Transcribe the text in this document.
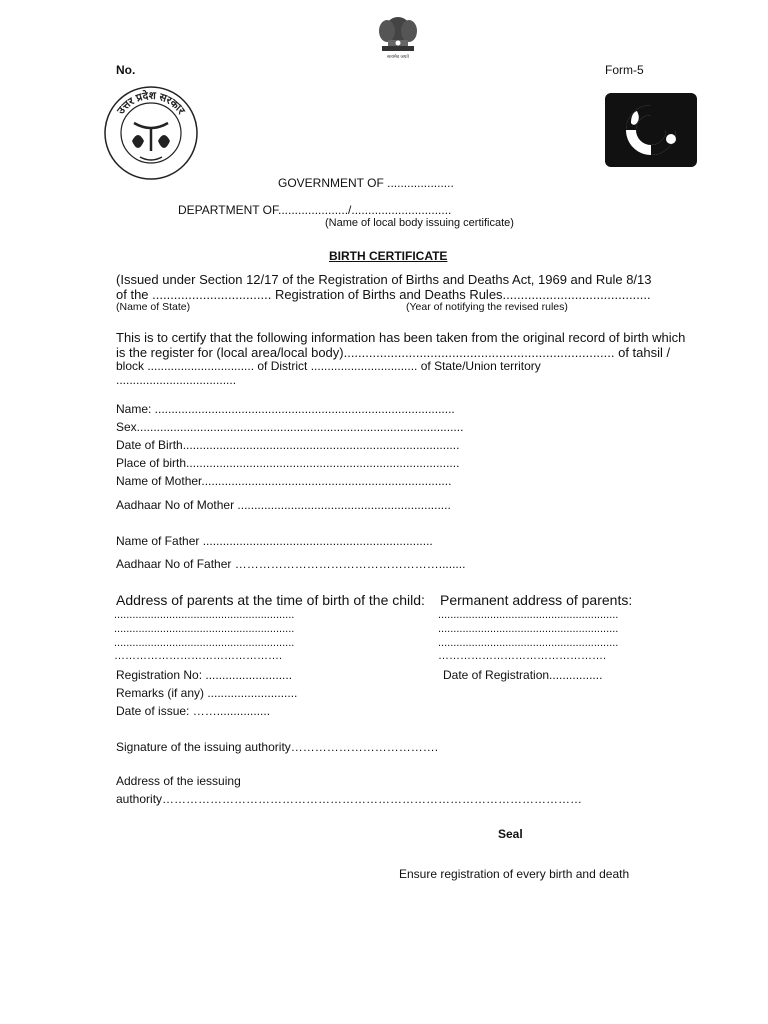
सत्यमेव जयते
No.	Form-5
उत्तर प्रदेश सरकार
GOVERNMENT OF ....................
DEPARTMENT OF...................../..............................
(Name of local body issuing certificate)
BIRTH CERTIFICATE
(Issued under Section 12/17 of the Registration of Births and Deaths Act, 1969 and Rule 8/13
of the ................................. Registration of Births and Deaths Rules.........................................
(Name of State)	(Year of notifying the revised rules)
This is to certify that the following information has been taken from the original record of birth which
is the register for (local area/local body)........................................................................... of tahsil /
block ................................ of District ................................ of State/Union territory
....................................
Name: ..........................................................................................
Sex..................................................................................................
Date of Birth...................................................................................
Place of birth..................................................................................
Name of Mother...........................................................................
Aadhaar No of Mother ................................................................
Name of Father .....................................................................
Aadhaar No of Father ……………………………………………........
Address of parents at the time of birth of the child: Permanent address of parents:
...........................................................
...........................................................
...........................................................
……………………………………….
...........................................................
...........................................................
...........................................................
……………………………………….
Registration No: ..........................	Date of Registration................
Remarks (if any) ...........................
Date of issue: ……................
Signature of the issuing authority……………………………….
Address of the iessuing
authority……………………………………………………………………………………………
Seal
Ensure registration of every birth and death
